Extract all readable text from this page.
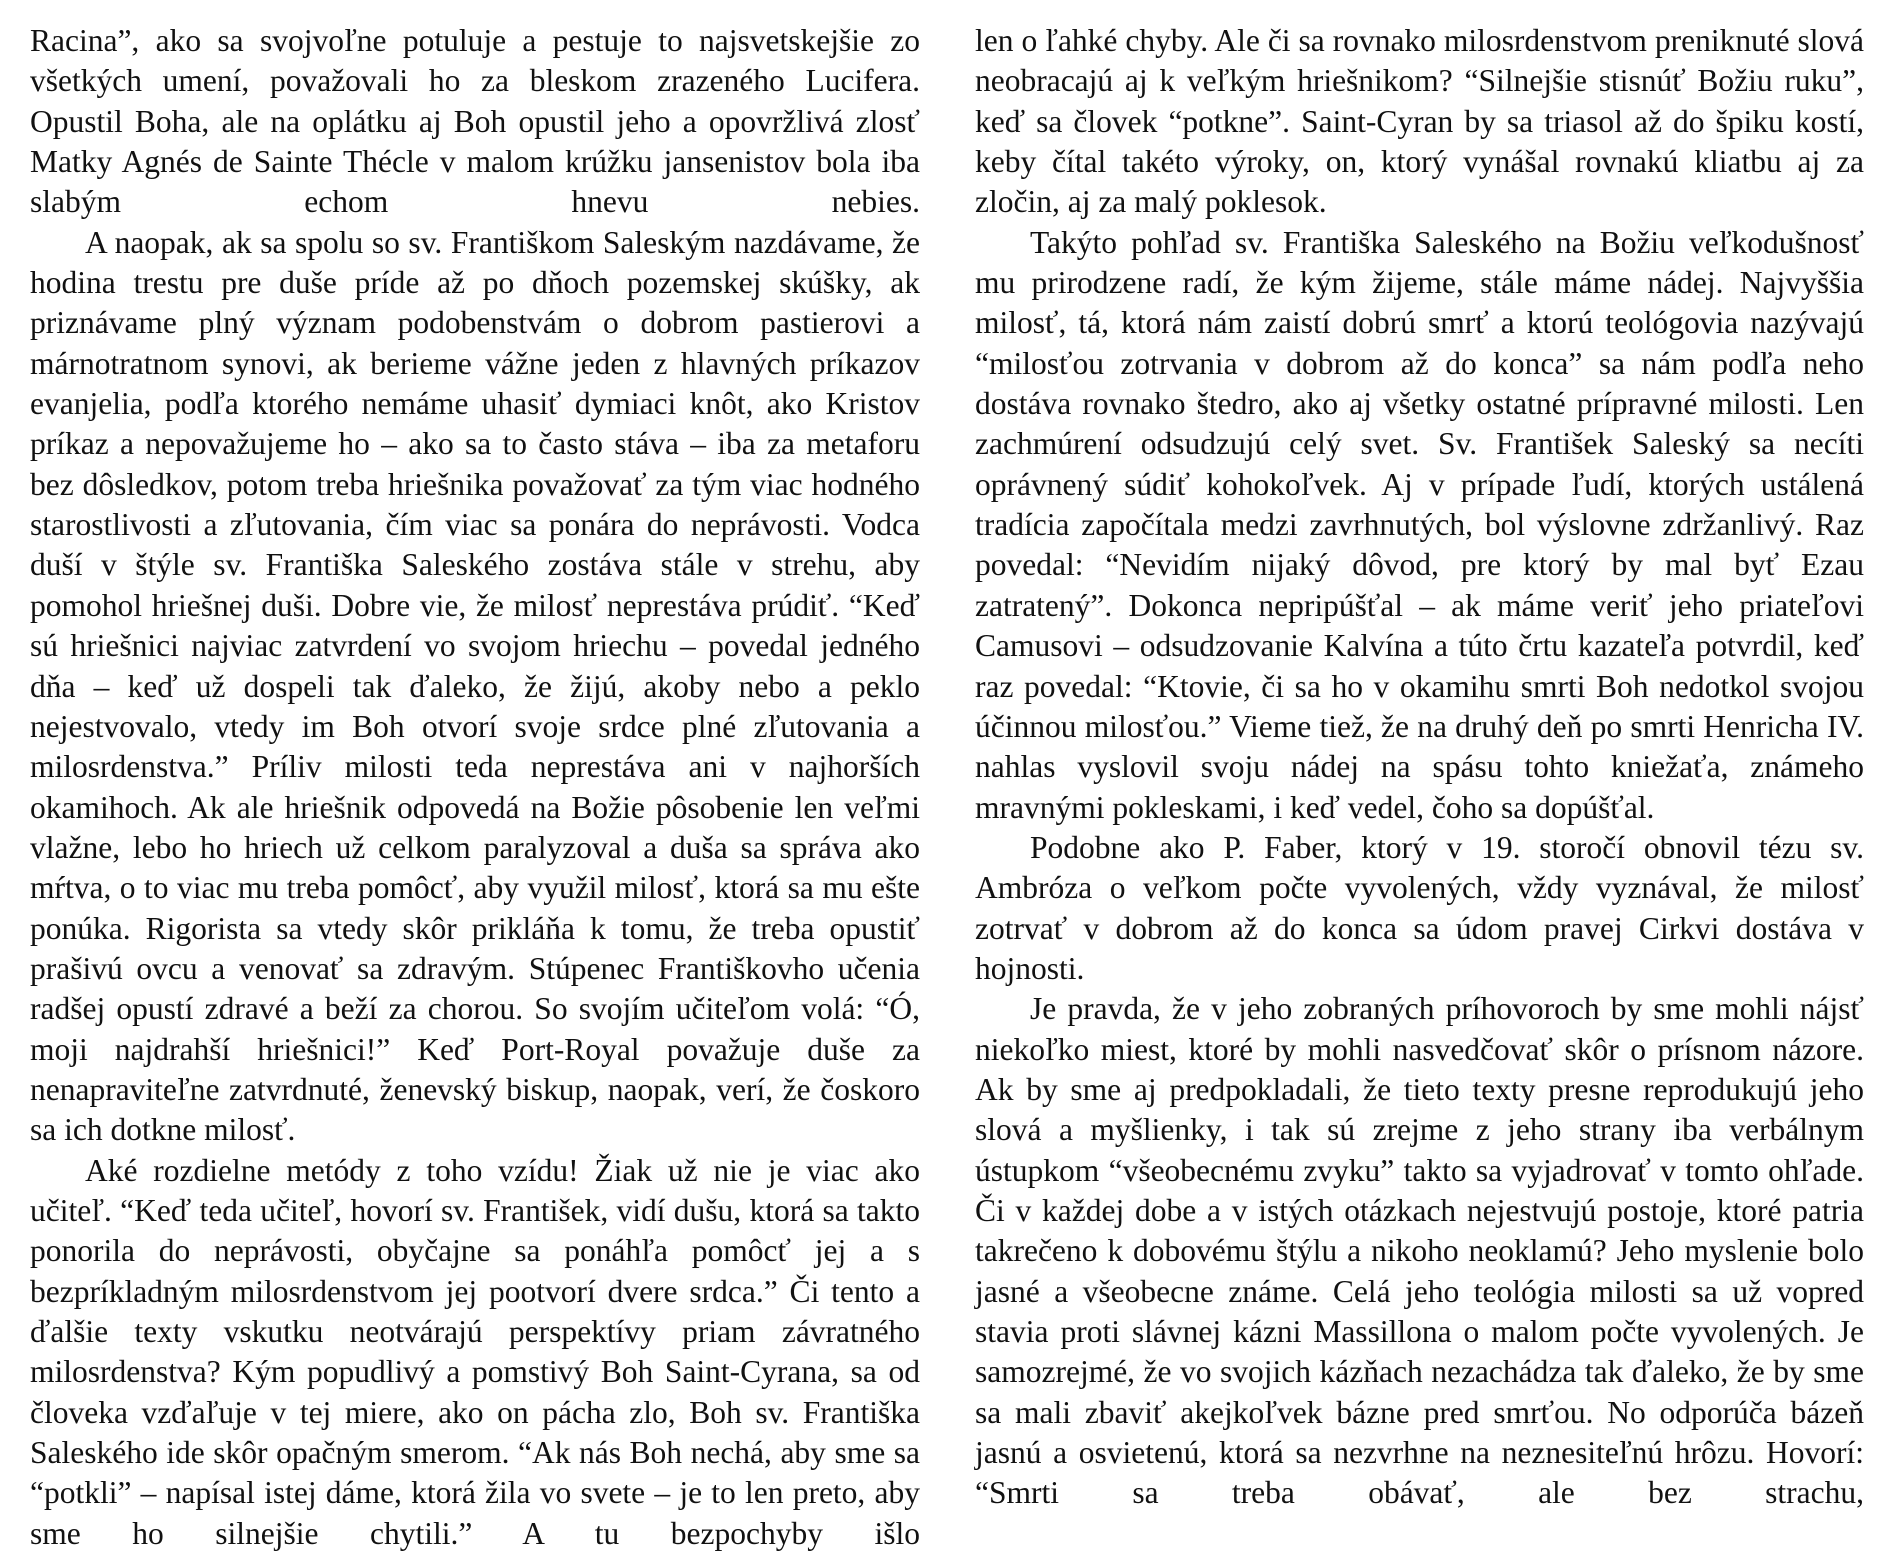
Racina”, ako sa svojvoľne potuluje a pestuje to najsvetskejšie zo všetkých umení, považovali ho za bleskom zrazeného Lucifera. Opustil Boha, ale na oplátku aj Boh opustil jeho a opovržlivá zlosť Matky Agnés de Sainte Thécle v malom krúžku jansenistov bola iba slabým echom hnevu nebies.

A naopak, ak sa spolu so sv. Františkom Saleským nazdávame, že hodina trestu pre duše príde až po dňoch pozemskej skúšky, ak priznávame plný význam podobenstvám o dobrom pastierovi a márnotratnom synovi, ak berieme vážne jeden z hlavných príkazov evanjelia, podľa ktorého nemáme uhasiť dymiaci knôt, ako Kristov príkaz a nepovažujeme ho – ako sa to často stáva – iba za metaforu bez dôsledkov, potom treba hriešnika považovať za tým viac hodného starostlivosti a zľutovania, čím viac sa ponára do neprávosti. Vodca duší v štýle sv. Františka Saleského zostáva stále v strehu, aby pomohol hriešnej duši. Dobre vie, že milosť neprestáva prúdiť. “Keď sú hriešnici najviac zatvrdení vo svojom hriechu – povedal jedného dňa – keď už dospeli tak ďaleko, že žijú, akoby nebo a peklo nejestvovalo, vtedy im Boh otvorí svoje srdce plné zľutovania a milosrdenstva.” Príliv milosti teda neprestáva ani v najhorších okamihoch. Ak ale hriešnik odpovedá na Božie pôsobenie len veľmi vlažne, lebo ho hriech už celkom paralyzoval a duša sa správa ako mŕtva, o to viac mu treba pomôcť, aby využil milosť, ktorá sa mu ešte ponúka. Rigorista sa vtedy skôr prikláňa k tomu, že treba opustiť prašivú ovcu a venovať sa zdravým. Stúpenec Františkovho učenia radšej opustí zdravé a beží za chorou. So svojím učiteľom volá: “Ó, moji najdrahší hriešnici!” Keď Port-Royal považuje duše za nenapraviteľne zatvrdnuté, ženevský biskup, naopak, verí, že čoskoro sa ich dotkne milosť.

Aké rozdielne metódy z toho vzídu! Žiak už nie je viac ako učiteľ. “Keď teda učiteľ, hovorí sv. František, vidí dušu, ktorá sa takto ponorila do neprávosti, obyčajne sa ponáhľa pomôcť jej a s bezpríkladným milosrdenstvom jej pootvorí dvere srdca.” Či tento a ďalšie texty vskutku neotvárajú perspektívy priam závratného milosrdenstva? Kým popudlivý a pomstivý Boh Saint-Cyrana, sa od človeka vzďaľuje v tej miere, ako on pácha zlo, Boh sv. Františka Saleského ide skôr opačným smerom. “Ak nás Boh nechá, aby sme sa “potkli” – napísal istej dáme, ktorá žila vo svete – je to len preto, aby sme ho silnejšie chytili.” A tu bezpochyby išlo

len o ľahké chyby. Ale či sa rovnako milosrdenstvom preniknuté slová neobracajú aj k veľkým hriešnikom? “Silnejšie stisnúť Božiu ruku”, keď sa človek “potkne”. Saint-Cyran by sa triasol až do špiku kostí, keby čítal takéto výroky, on, ktorý vynášal rovnakú kliatbu aj za zločin, aj za malý poklesok.

Takýto pohľad sv. Františka Saleského na Božiu veľkodušnosť mu prirodzene radí, že kým žijeme, stále máme nádej. Najvyššia milosť, tá, ktorá nám zaistí dobrú smrť a ktorú teológovia nazývajú “milosťou zotrvania v dobrom až do konca” sa nám podľa neho dostáva rovnako štedro, ako aj všetky ostatné prípravné milosti. Len zachmúrení odsudzujú celý svet. Sv. František Saleský sa necíti oprávnený súdiť kohokoľvek. Aj v prípade ľudí, ktorých ustálená tradícia započítala medzi zavrhnutých, bol výslovne zdržanlivý. Raz povedal: “Nevidím nijaký dôvod, pre ktorý by mal byť Ezau zatratený”. Dokonca nepripúšťal – ak máme veriť jeho priateľovi Camusovi – odsudzovanie Kalvína a túto črtu kazateľa potvrdil, keď raz povedal: “Ktovie, či sa ho v okamihu smrti Boh nedotkol svojou účinnou milosťou.” Vieme tiež, že na druhý deň po smrti Henricha IV. nahlas vyslovil svoju nádej na spásu tohto kniežaťa, známeho mravnými pokleskami, i keď vedel, čoho sa dopúšťal.

Podobne ako P. Faber, ktorý v 19. storočí obnovil tézu sv. Ambróza o veľkom počte vyvolených, vždy vyznával, že milosť zotrvať v dobrom až do konca sa údom pravej Cirkvi dostáva v hojnosti.

Je pravda, že v jeho zobraných príhovoroch by sme mohli nájsť niekoľko miest, ktoré by mohli nasvedčovať skôr o prísnom názore. Ak by sme aj predpokladali, že tieto texty presne reprodukujú jeho slová a myšlienky, i tak sú zrejme z jeho strany iba verbálnym ústupkom “všeobecnému zvyku” takto sa vyjadrovať v tomto ohľade. Či v každej dobe a v istých otázkach nejestvujú postoje, ktoré patria takrečeno k dobovému štýlu a nikoho neoklamú? Jeho myslenie bolo jasné a všeobecne známe. Celá jeho teológia milosti sa už vopred stavia proti slávnej kázni Massillona o malom počte vyvolených. Je samozrejmé, že vo svojich kázňach nezachádza tak ďaleko, že by sme sa mali zbaviť akejkoľvek bázne pred smrťou. No odporúča bázeň jasnú a osvietenú, ktorá sa nezvrhne na neznesiteľnú hrôzu. Hovorí: “Smrti sa treba obávať, ale bez strachu,
